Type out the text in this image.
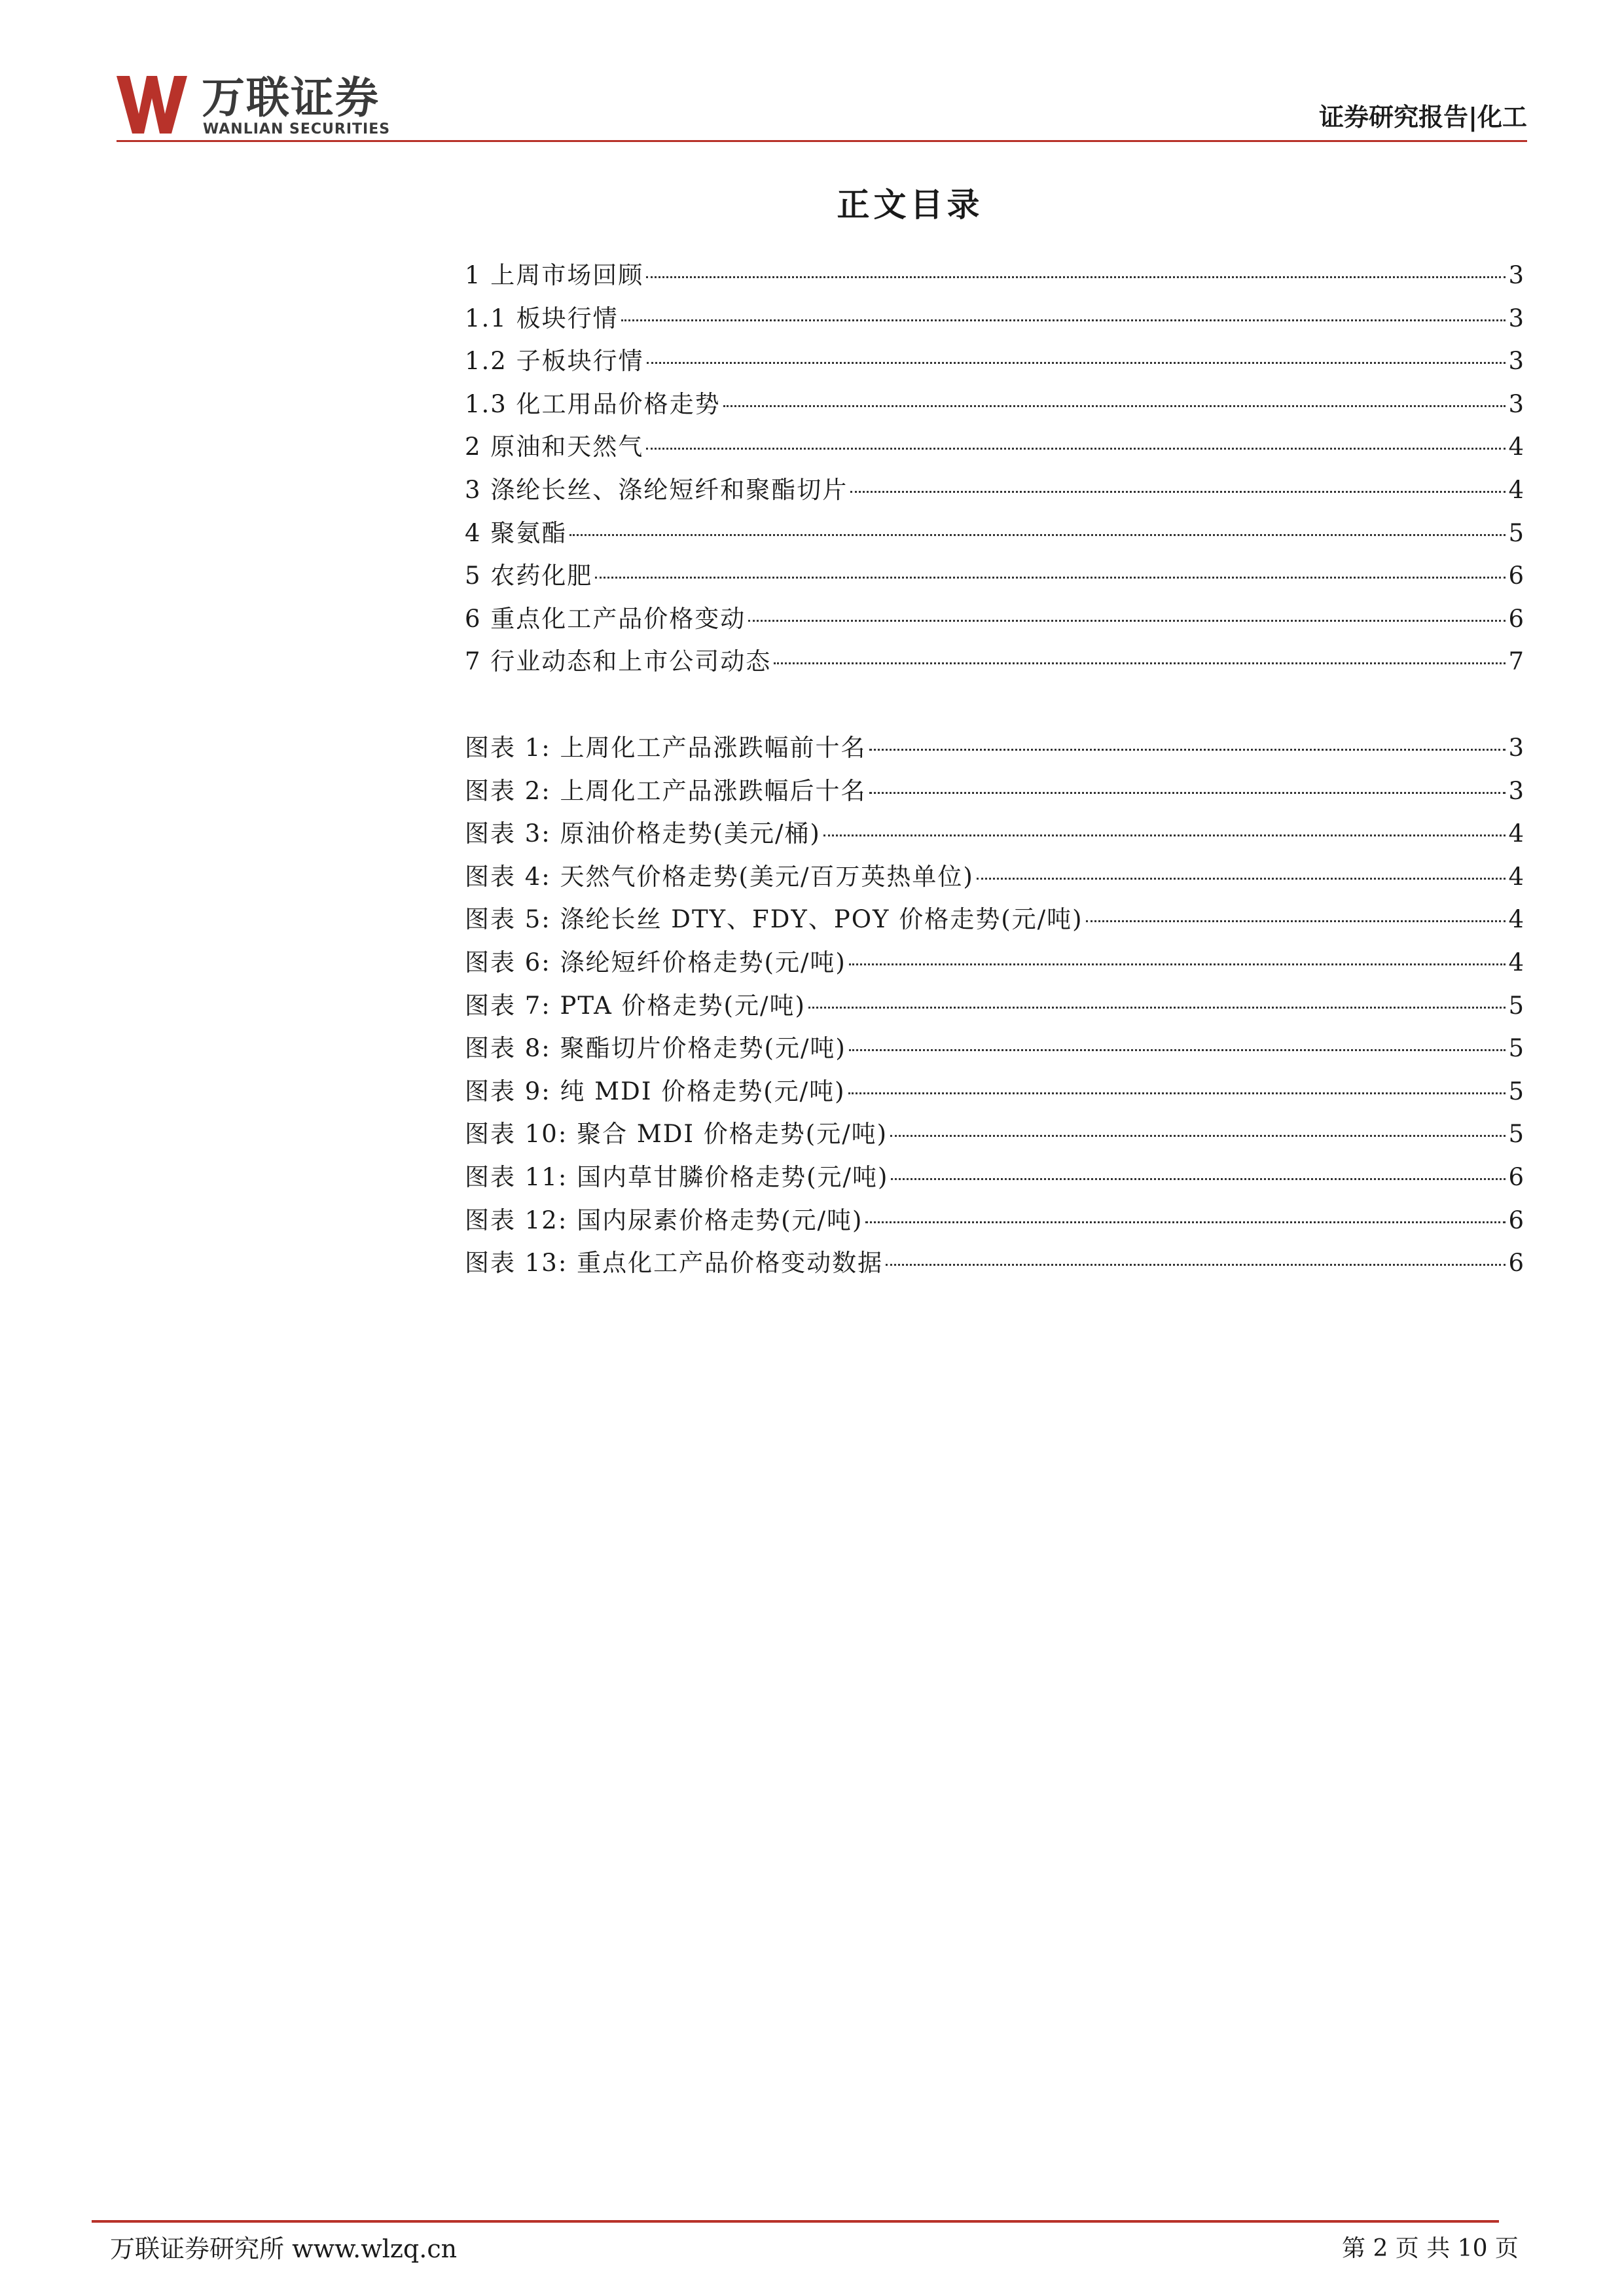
万联证券
WANLIAN SECURITIES	证券研究报告|化工
正文目录
1 上周市场回顾	3
1.1 板块行情	3
1.2 子板块行情	3
1.3 化工用品价格走势	3
2 原油和天然气	4
3 涤纶长丝、涤纶短纤和聚酯切片	4
4 聚氨酯	5
5 农药化肥	6
6 重点化工产品价格变动	6
7 行业动态和上市公司动态	7
图表 1: 上周化工产品涨跌幅前十名	3
图表 2: 上周化工产品涨跌幅后十名	3
图表 3: 原油价格走势(美元/桶)	4
图表 4: 天然气价格走势(美元/百万英热单位)	4
图表 5: 涤纶长丝 DTY、FDY、POY 价格走势(元/吨)	4
图表 6: 涤纶短纤价格走势(元/吨)	4
图表 7: PTA 价格走势(元/吨)	5
图表 8: 聚酯切片价格走势(元/吨)	5
图表 9: 纯 MDI 价格走势(元/吨)	5
图表 10: 聚合 MDI 价格走势(元/吨)	5
图表 11: 国内草甘膦价格走势(元/吨)	6
图表 12: 国内尿素价格走势(元/吨)	6
图表 13: 重点化工产品价格变动数据	6
万联证券研究所 www.wlzq.cn	第 2 页 共 10 页
